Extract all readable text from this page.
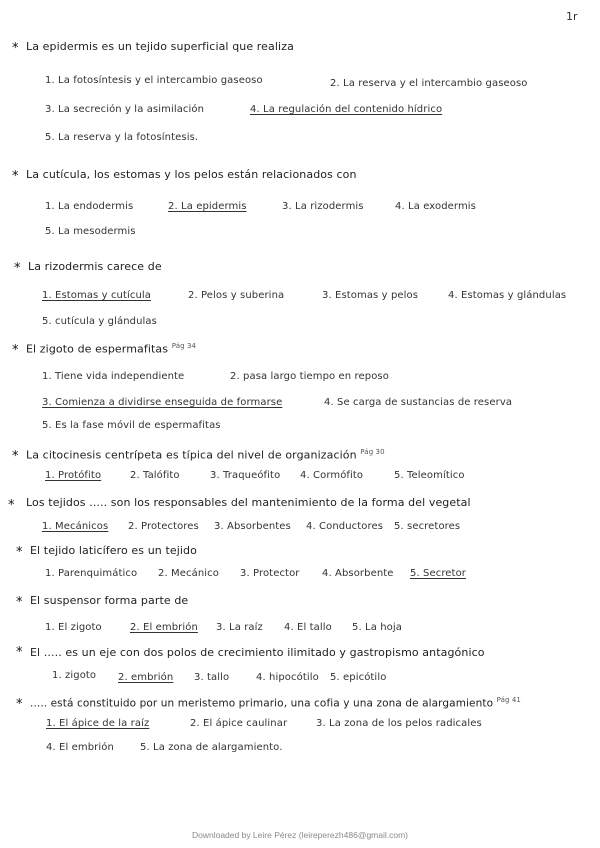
1r
* La epidermis es un tejido superficial que realiza
1. La fotosíntesis y el intercambio gaseoso	2. La reserva y el intercambio gaseoso
3. La secreción y la asimilación	4. La regulación del contenido hídrico
5. La reserva y la fotosíntesis.
* La cutícula, los estomas y los pelos están relacionados con
1. La endodermis	2. La epidermis	3. La rizodermis	4. La exodermis
5. La mesodermis
* La rizodermis carece de
1. Estomas y cutícula	2. Pelos y suberina	3. Estomas y pelos	4. Estomas y glándulas
5. cutícula y glándulas
* El zigoto de espermafitas $^{Pág 34}$
1. Tiene vida independiente	2. pasa largo tiempo en reposo
3. Comienza a dividirse enseguida de formarse	4. Se carga de sustancias de reserva
5. Es la fase móvil de espermafitas
* La citocinesis centrípeta es típica del nivel de organización $^{Pág 30}$
1. Protófito	2. Talófito	3. Traqueófito 4. Cormófito	5. Teleomítico
* Los tejidos ..... son los responsables del mantenimiento de la forma del vegetal
1. Mecánicos 2. Protectores 3. Absorbentes 4. Conductores 5. secretores
* El tejido laticífero es un tejido
1. Parenquimático 2. Mecánico 3. Protector 4. Absorbente 5. Secretor
* El suspensor forma parte de
1. El zigoto	2. El embrión 3. La raíz 4. El tallo 5. La hoja
* El ..... es un eje con dos polos de crecimiento ilimitado y gastropismo antagónico
1. zigoto 2. embrión 3. tallo	4. hipocótilo 5. epicótilo
* ..... está constituido por un meristemo primario, una cofia y una zona de alargamiento $^{Pág 41}$
1. El ápice de la raíz	2. El ápice caulinar	3. La zona de los pelos radicales
4. El embrión	5. La zona de alargamiento.
Downloaded by Leire Pérez (leireperezh486@gmail.com)
